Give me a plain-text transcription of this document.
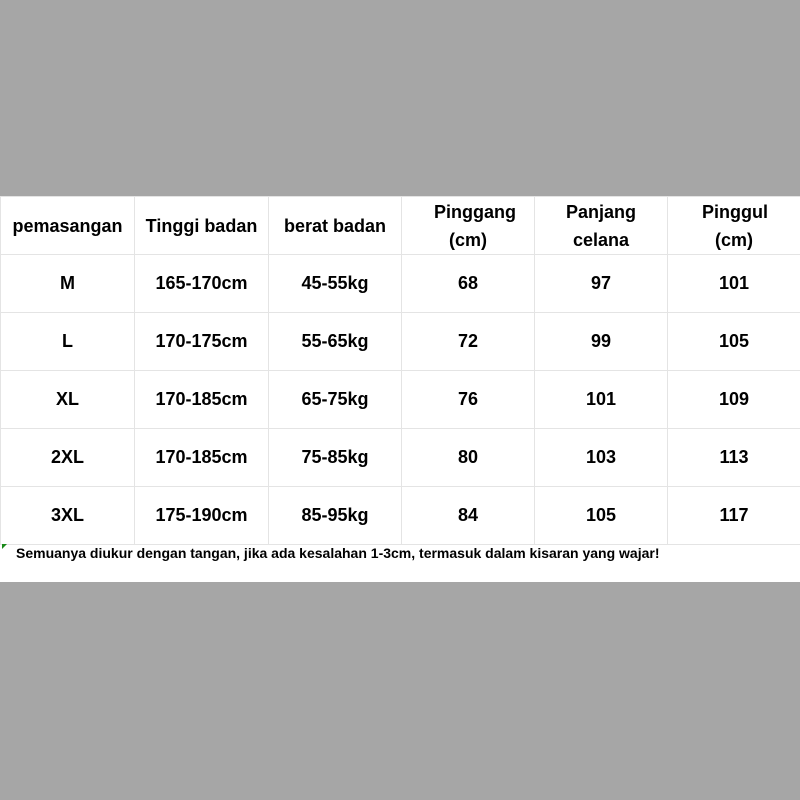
pemasangan	Tinggi badan	berat badan	Pinggang (cm)	Panjang celana	Pinggul (cm)
M	165-170cm	45-55kg	68	97	101
L	170-175cm	55-65kg	72	99	105
XL	170-185cm	65-75kg	76	101	109
2XL	170-185cm	75-85kg	80	103	113
3XL	175-190cm	85-95kg	84	105	117
Semuanya diukur dengan tangan, jika ada kesalahan 1-3cm, termasuk dalam kisaran yang wajar!
